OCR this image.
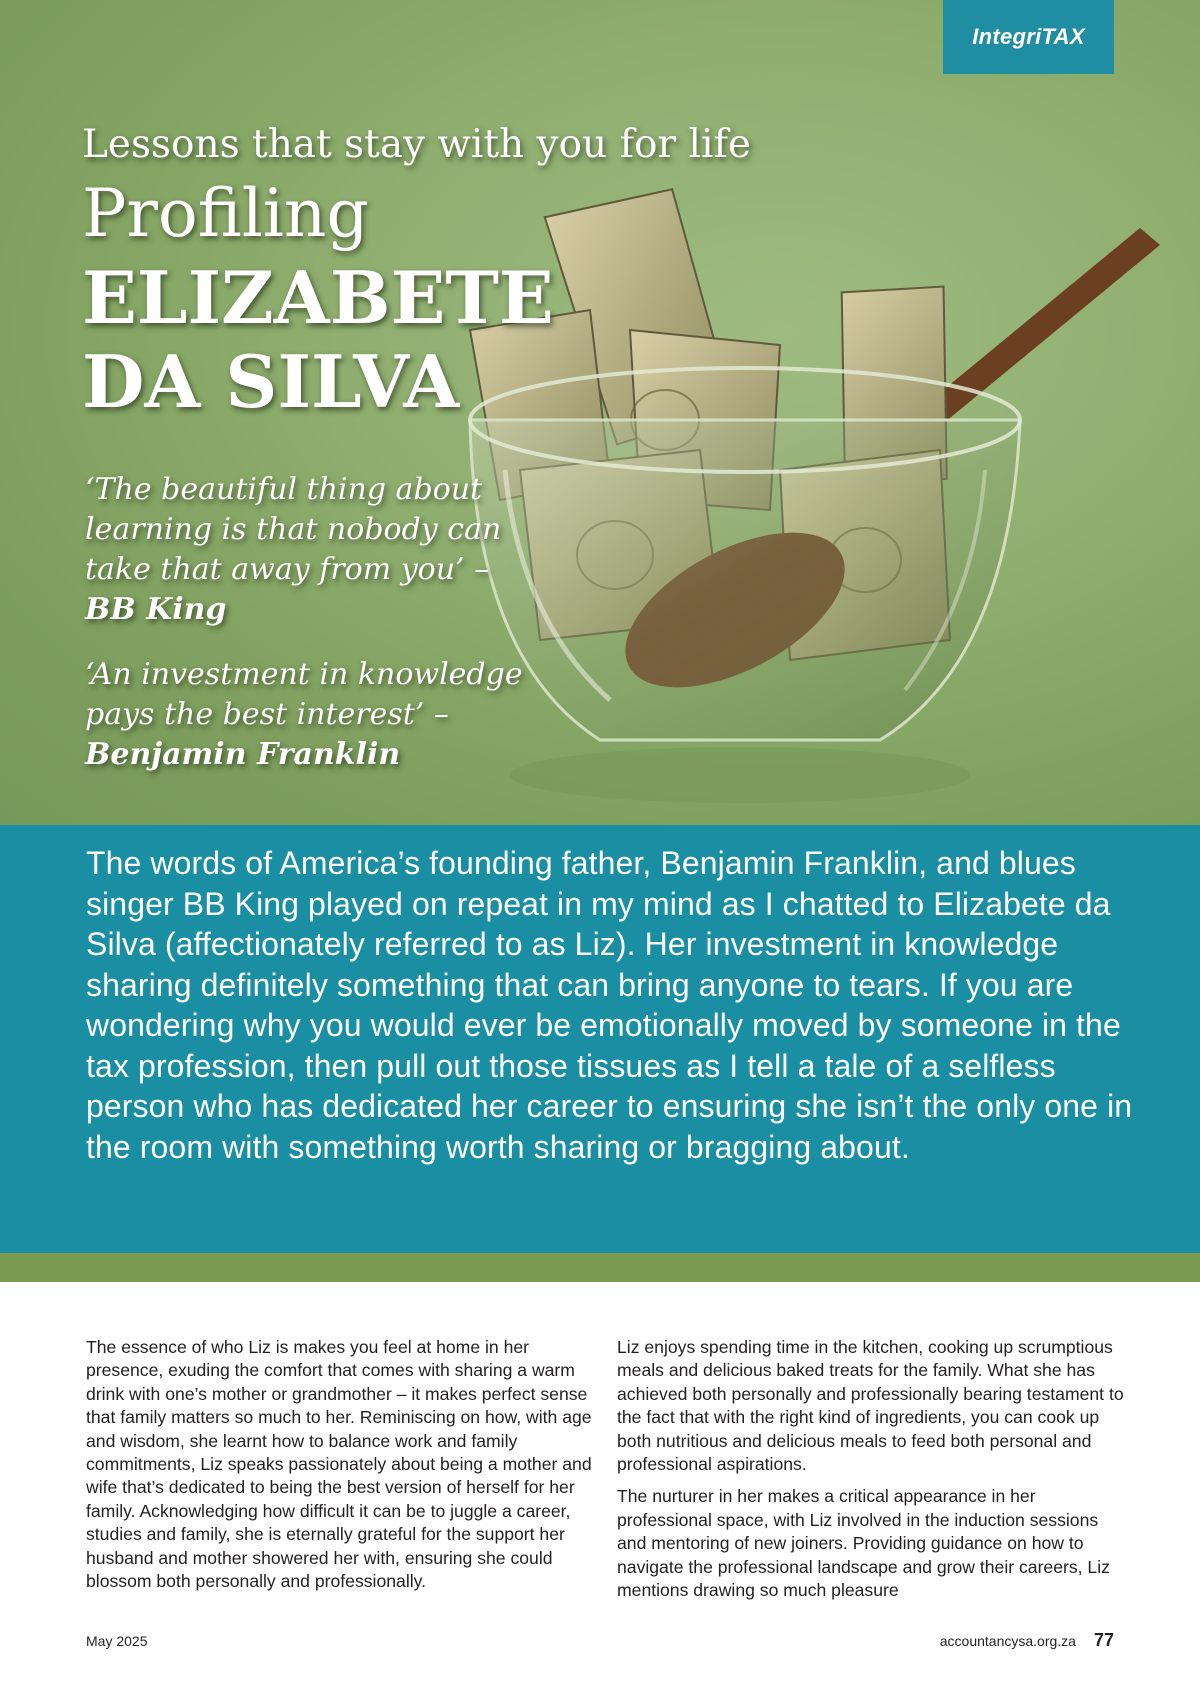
IntegriTAX
Lessons that stay with you for life
Profiling
ELIZABETE
DA SILVA
‘The beautiful thing about learning is that nobody can take that away from you’ – BB King
‘An investment in knowledge pays the best interest’ – Benjamin Franklin

The words of America’s founding father, Benjamin Franklin, and blues singer BB King played on repeat in my mind as I chatted to Elizabete da Silva (affectionately referred to as Liz). Her investment in knowledge sharing definitely something that can bring anyone to tears. If you are wondering why you would ever be emotionally moved by someone in the tax profession, then pull out those tissues as I tell a tale of a selfless person who has dedicated her career to ensuring she isn’t the only one in the room with something worth sharing or bragging about.

The essence of who Liz is makes you feel at home in her presence, exuding the comfort that comes with sharing a warm drink with one’s mother or grandmother – it makes perfect sense that family matters so much to her. Reminiscing on how, with age and wisdom, she learnt how to balance work and family commitments, Liz speaks passionately about being a mother and wife that’s dedicated to being the best version of herself for her family. Acknowledging how difficult it can be to juggle a career, studies and family, she is eternally grateful for the support her husband and mother showered her with, ensuring she could blossom both personally and professionally.

Liz enjoys spending time in the kitchen, cooking up scrumptious meals and delicious baked treats for the family. What she has achieved both personally and professionally bearing testament to the fact that with the right kind of ingredients, you can cook up both nutritious and delicious meals to feed both personal and professional aspirations.

The nurturer in her makes a critical appearance in her professional space, with Liz involved in the induction sessions and mentoring of new joiners. Providing guidance on how to navigate the professional landscape and grow their careers, Liz mentions drawing so much pleasure

May 2025	accountancysa.org.za 77
